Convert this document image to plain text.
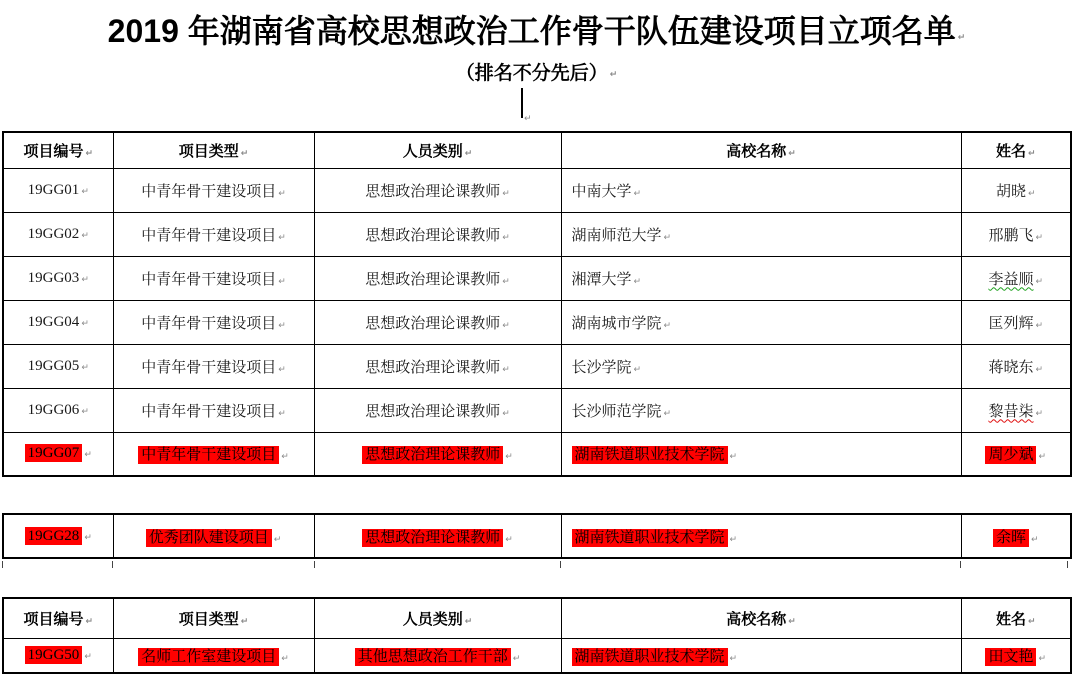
2019 年湖南省高校思想政治工作骨干队伍建设项目立项名单 ↵
（排名不分先后） ↵
↵
项目编号 ↵	项目类型 ↵	人员类别 ↵	高校名称 ↵	姓名 ↵
19GG01 ↵	中青年骨干建设项目 ↵	思想政治理论课教师 ↵	中南大学 ↵	胡晓 ↵
19GG02 ↵	中青年骨干建设项目 ↵	思想政治理论课教师 ↵	湖南师范大学 ↵	邢鹏飞 ↵
19GG03 ↵	中青年骨干建设项目 ↵	思想政治理论课教师 ↵	湘潭大学 ↵	李益顺 ↵
19GG04 ↵	中青年骨干建设项目 ↵	思想政治理论课教师 ↵	湖南城市学院 ↵	匡列辉 ↵
19GG05 ↵	中青年骨干建设项目 ↵	思想政治理论课教师 ↵	长沙学院 ↵	蒋晓东 ↵
19GG06 ↵	中青年骨干建设项目 ↵	思想政治理论课教师 ↵	长沙师范学院 ↵	黎昔柒 ↵
19GG07 ↵	中青年骨干建设项目 ↵	思想政治理论课教师 ↵	湖南铁道职业技术学院 ↵	周少斌 ↵
19GG28 ↵	优秀团队建设项目 ↵	思想政治理论课教师 ↵	湖南铁道职业技术学院 ↵	余晖 ↵
项目编号 ↵	项目类型 ↵	人员类别 ↵	高校名称 ↵	姓名 ↵
19GG50 ↵	名师工作室建设项目 ↵	其他思想政治工作干部 ↵	湖南铁道职业技术学院 ↵	田文艳 ↵
